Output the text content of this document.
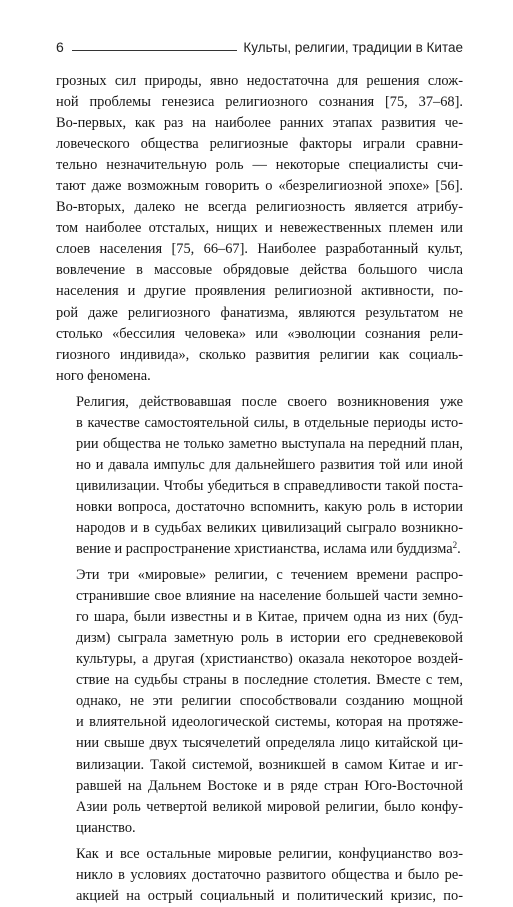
6	Культы, религии, традиции в Китае

грозных сил природы, явно недостаточна для решения слож-
ной проблемы генезиса религиозного сознания [75, 37–68].
Во-первых, как раз на наиболее ранних этапах развития че-
ловеческого общества религиозные факторы играли сравни-
тельно незначительную роль — некоторые специалисты счи-
тают даже возможным говорить о «безрелигиозной эпохе» [56].
Во-вторых, далеко не всегда религиозность является атрибу-
том наиболее отсталых, нищих и невежественных племен или
слоев населения [75, 66–67]. Наиболее разработанный культ,
вовлечение в массовые обрядовые действа большого числа
населения и другие проявления религиозной активности, по-
рой даже религиозного фанатизма, являются результатом не
столько «бессилия человека» или «эволюции сознания рели-
гиозного индивида», сколько развития религии как социаль-
ного феномена.

Религия, действовавшая после своего возникновения уже
в качестве самостоятельной силы, в отдельные периоды исто-
рии общества не только заметно выступала на передний план,
но и давала импульс для дальнейшего развития той или иной
цивилизации. Чтобы убедиться в справедливости такой поста-
новки вопроса, достаточно вспомнить, какую роль в истории
народов и в судьбах великих цивилизаций сыграло возникно-
вение и распространение христианства, ислама или буддизма$^2$.

Эти три «мировые» религии, с течением времени распро-
странившие свое влияние на население большей части земно-
го шара, были известны и в Китае, причем одна из них (буд-
дизм) сыграла заметную роль в истории его средневековой
культуры, а другая (христианство) оказала некоторое воздей-
ствие на судьбы страны в последние столетия. Вместе с тем,
однако, не эти религии способствовали созданию мощной
и влиятельной идеологической системы, которая на протяже-
нии свыше двух тысячелетий определяла лицо китайской ци-
вилизации. Такой системой, возникшей в самом Китае и иг-
равшей на Дальнем Востоке и в ряде стран Юго-Восточной
Азии роль четвертой великой мировой религии, было конфу-
цианство.

Как и все остальные мировые религии, конфуцианство воз-
никло в условиях достаточно развитого общества и было ре-
акцией на острый социальный и политический кризис, по-
